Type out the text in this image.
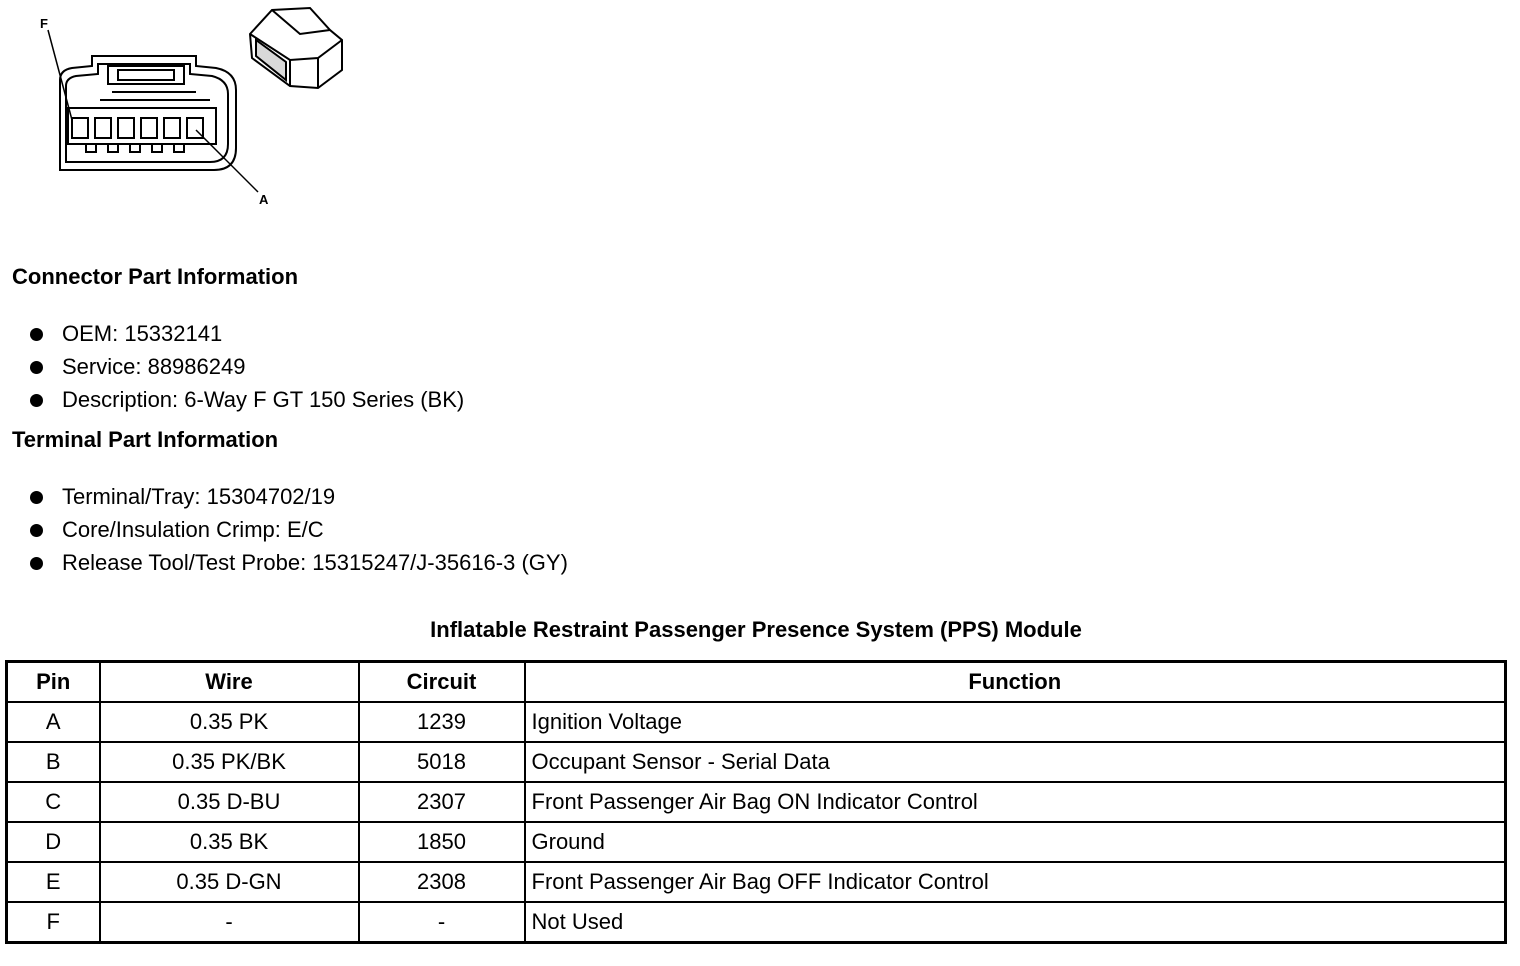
F
A
Connector Part Information
OEM: 15332141
Service: 88986249
Description: 6-Way F GT 150 Series (BK)
Terminal Part Information
Terminal/Tray: 15304702/19
Core/Insulation Crimp: E/C
Release Tool/Test Probe: 15315247/J-35616-3 (GY)
Inflatable Restraint Passenger Presence System (PPS) Module
Pin	Wire	Circuit	Function
A	0.35 PK	1239	Ignition Voltage
B	0.35 PK/BK	5018	Occupant Sensor - Serial Data
C	0.35 D-BU	2307	Front Passenger Air Bag ON Indicator Control
D	0.35 BK	1850	Ground
E	0.35 D-GN	2308	Front Passenger Air Bag OFF Indicator Control
F	-	-	Not Used
